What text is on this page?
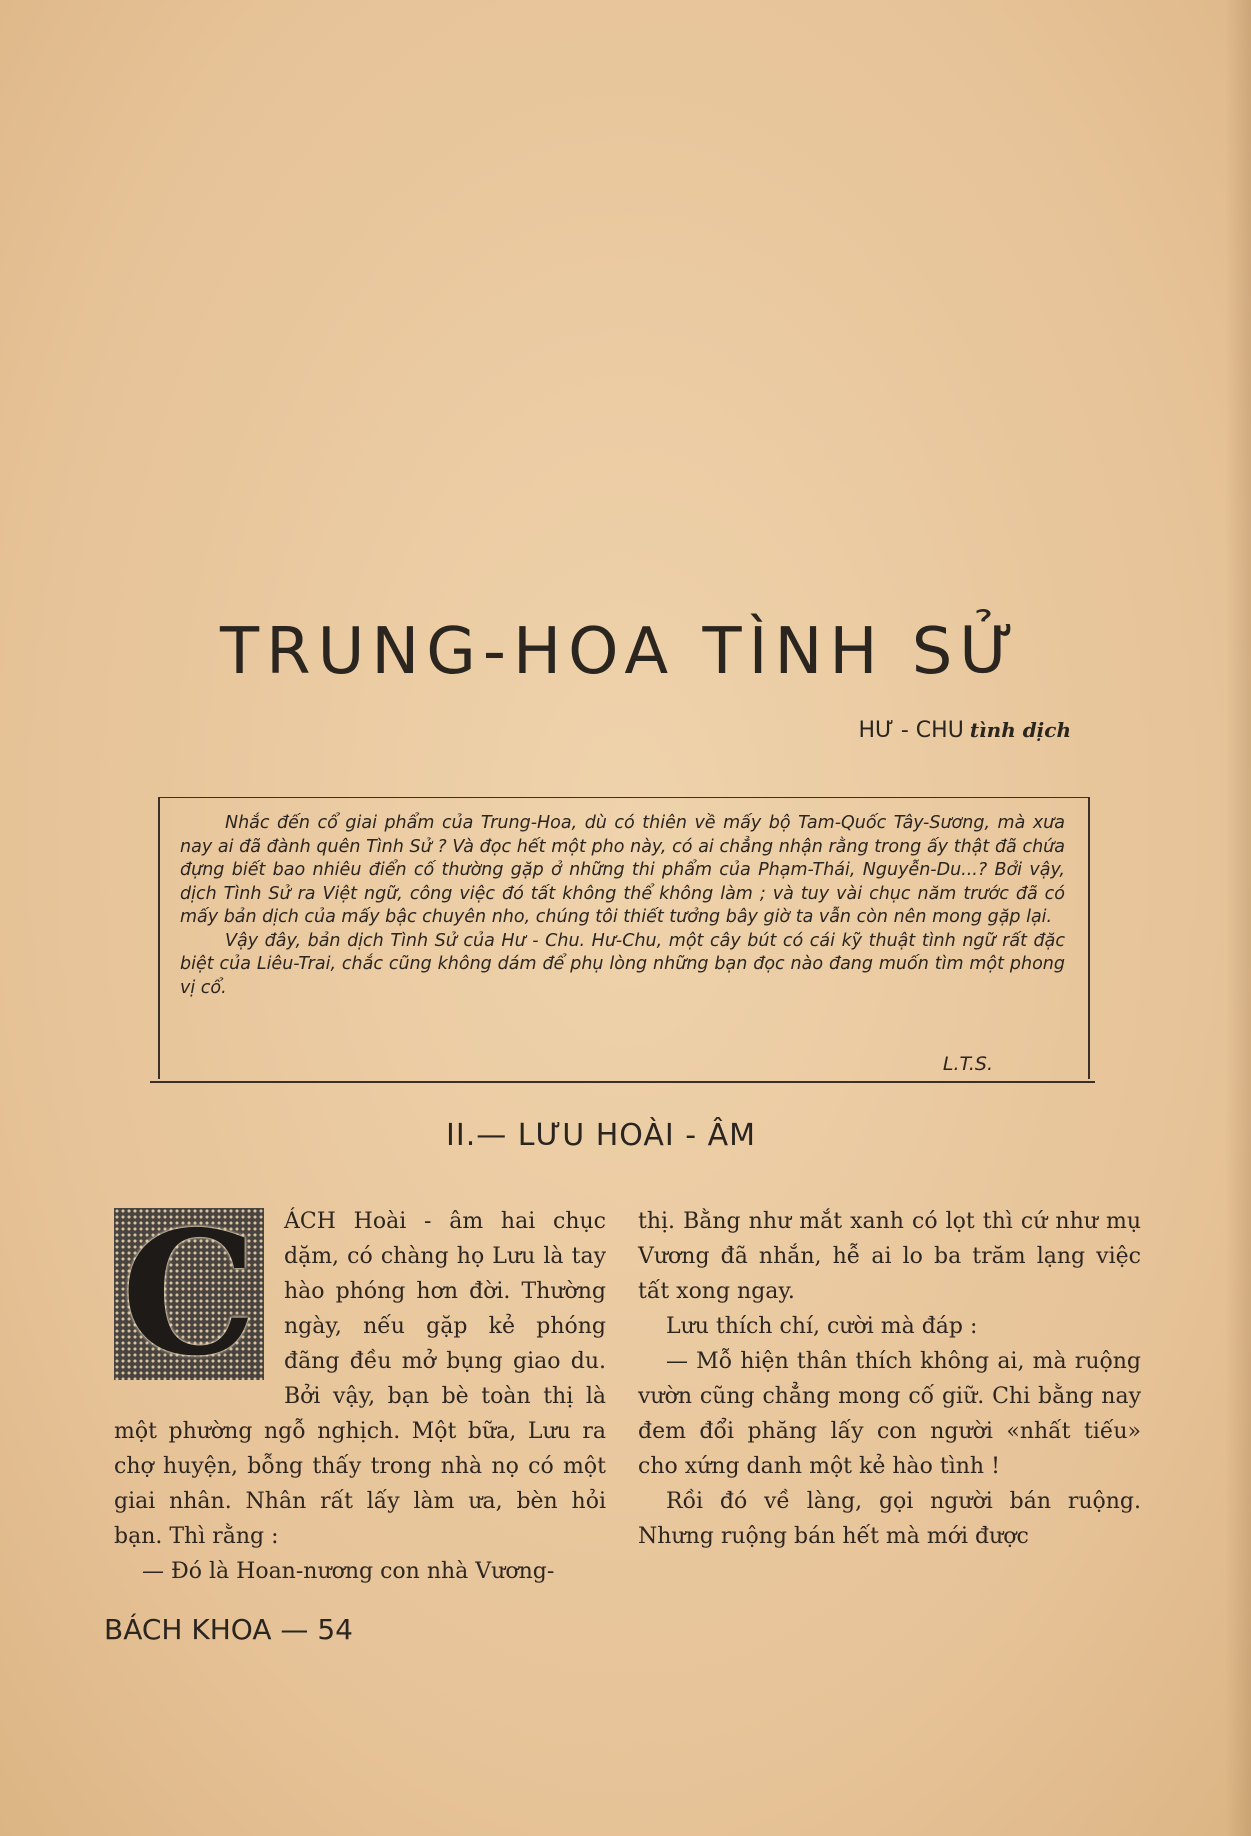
TRUNG-HOA TÌNH SỬ
HƯ - CHU tình dịch

Nhắc đến cổ giai phẩm của Trung-Hoa, dù có thiên về mấy bộ Tam-Quốc Tây-Sương, mà xưa nay ai đã đành quên Tình Sử ? Và đọc hết một pho này, có ai chẳng nhận rằng trong ấy thật đã chứa đựng biết bao nhiêu điển cố thường gặp ở những thi phẩm của Phạm-Thái, Nguyễn-Du...? Bởi vậy, dịch Tình Sử ra Việt ngữ, công việc đó tất không thể không làm ; và tuy vài chục năm trước đã có mấy bản dịch của mấy bậc chuyên nho, chúng tôi thiết tưởng bây giờ ta vẫn còn nên mong gặp lại.

Vậy đây, bản dịch Tình Sử của Hư - Chu. Hư-Chu, một cây bút có cái kỹ thuật tình ngữ rất đặc biệt của Liêu-Trai, chắc cũng không dám để phụ lòng những bạn đọc nào đang muốn tìm một phong vị cổ.

L.T.S.
II.— LƯU HOÀI - ÂM
C	ÁCH Hoài - âm hai chục dặm, có chàng họ Lưu là tay hào phóng hơn đời. Thường ngày, nếu gặp kẻ phóng đãng đều mở bụng giao du. Bởi vậy, bạn bè toàn thị là một phường ngỗ nghịch. Một bữa, Lưu ra chợ huyện, bỗng thấy trong nhà nọ có một giai nhân. Nhân rất lấy làm ưa, bèn hỏi bạn. Thì rằng :

— Đó là Hoan-nương con nhà Vương-

thị. Bằng như mắt xanh có lọt thì cứ như mụ Vương đã nhắn, hễ ai lo ba trăm lạng việc tất xong ngay.

Lưu thích chí, cười mà đáp :

— Mỗ hiện thân thích không ai, mà ruộng vườn cũng chẳng mong cố giữ. Chi bằng nay đem đổi phăng lấy con người «nhất tiếu» cho xứng danh một kẻ hào tình !

Rồi đó về làng, gọi người bán ruộng. Nhưng ruộng bán hết mà mới được

BÁCH KHOA — 54
